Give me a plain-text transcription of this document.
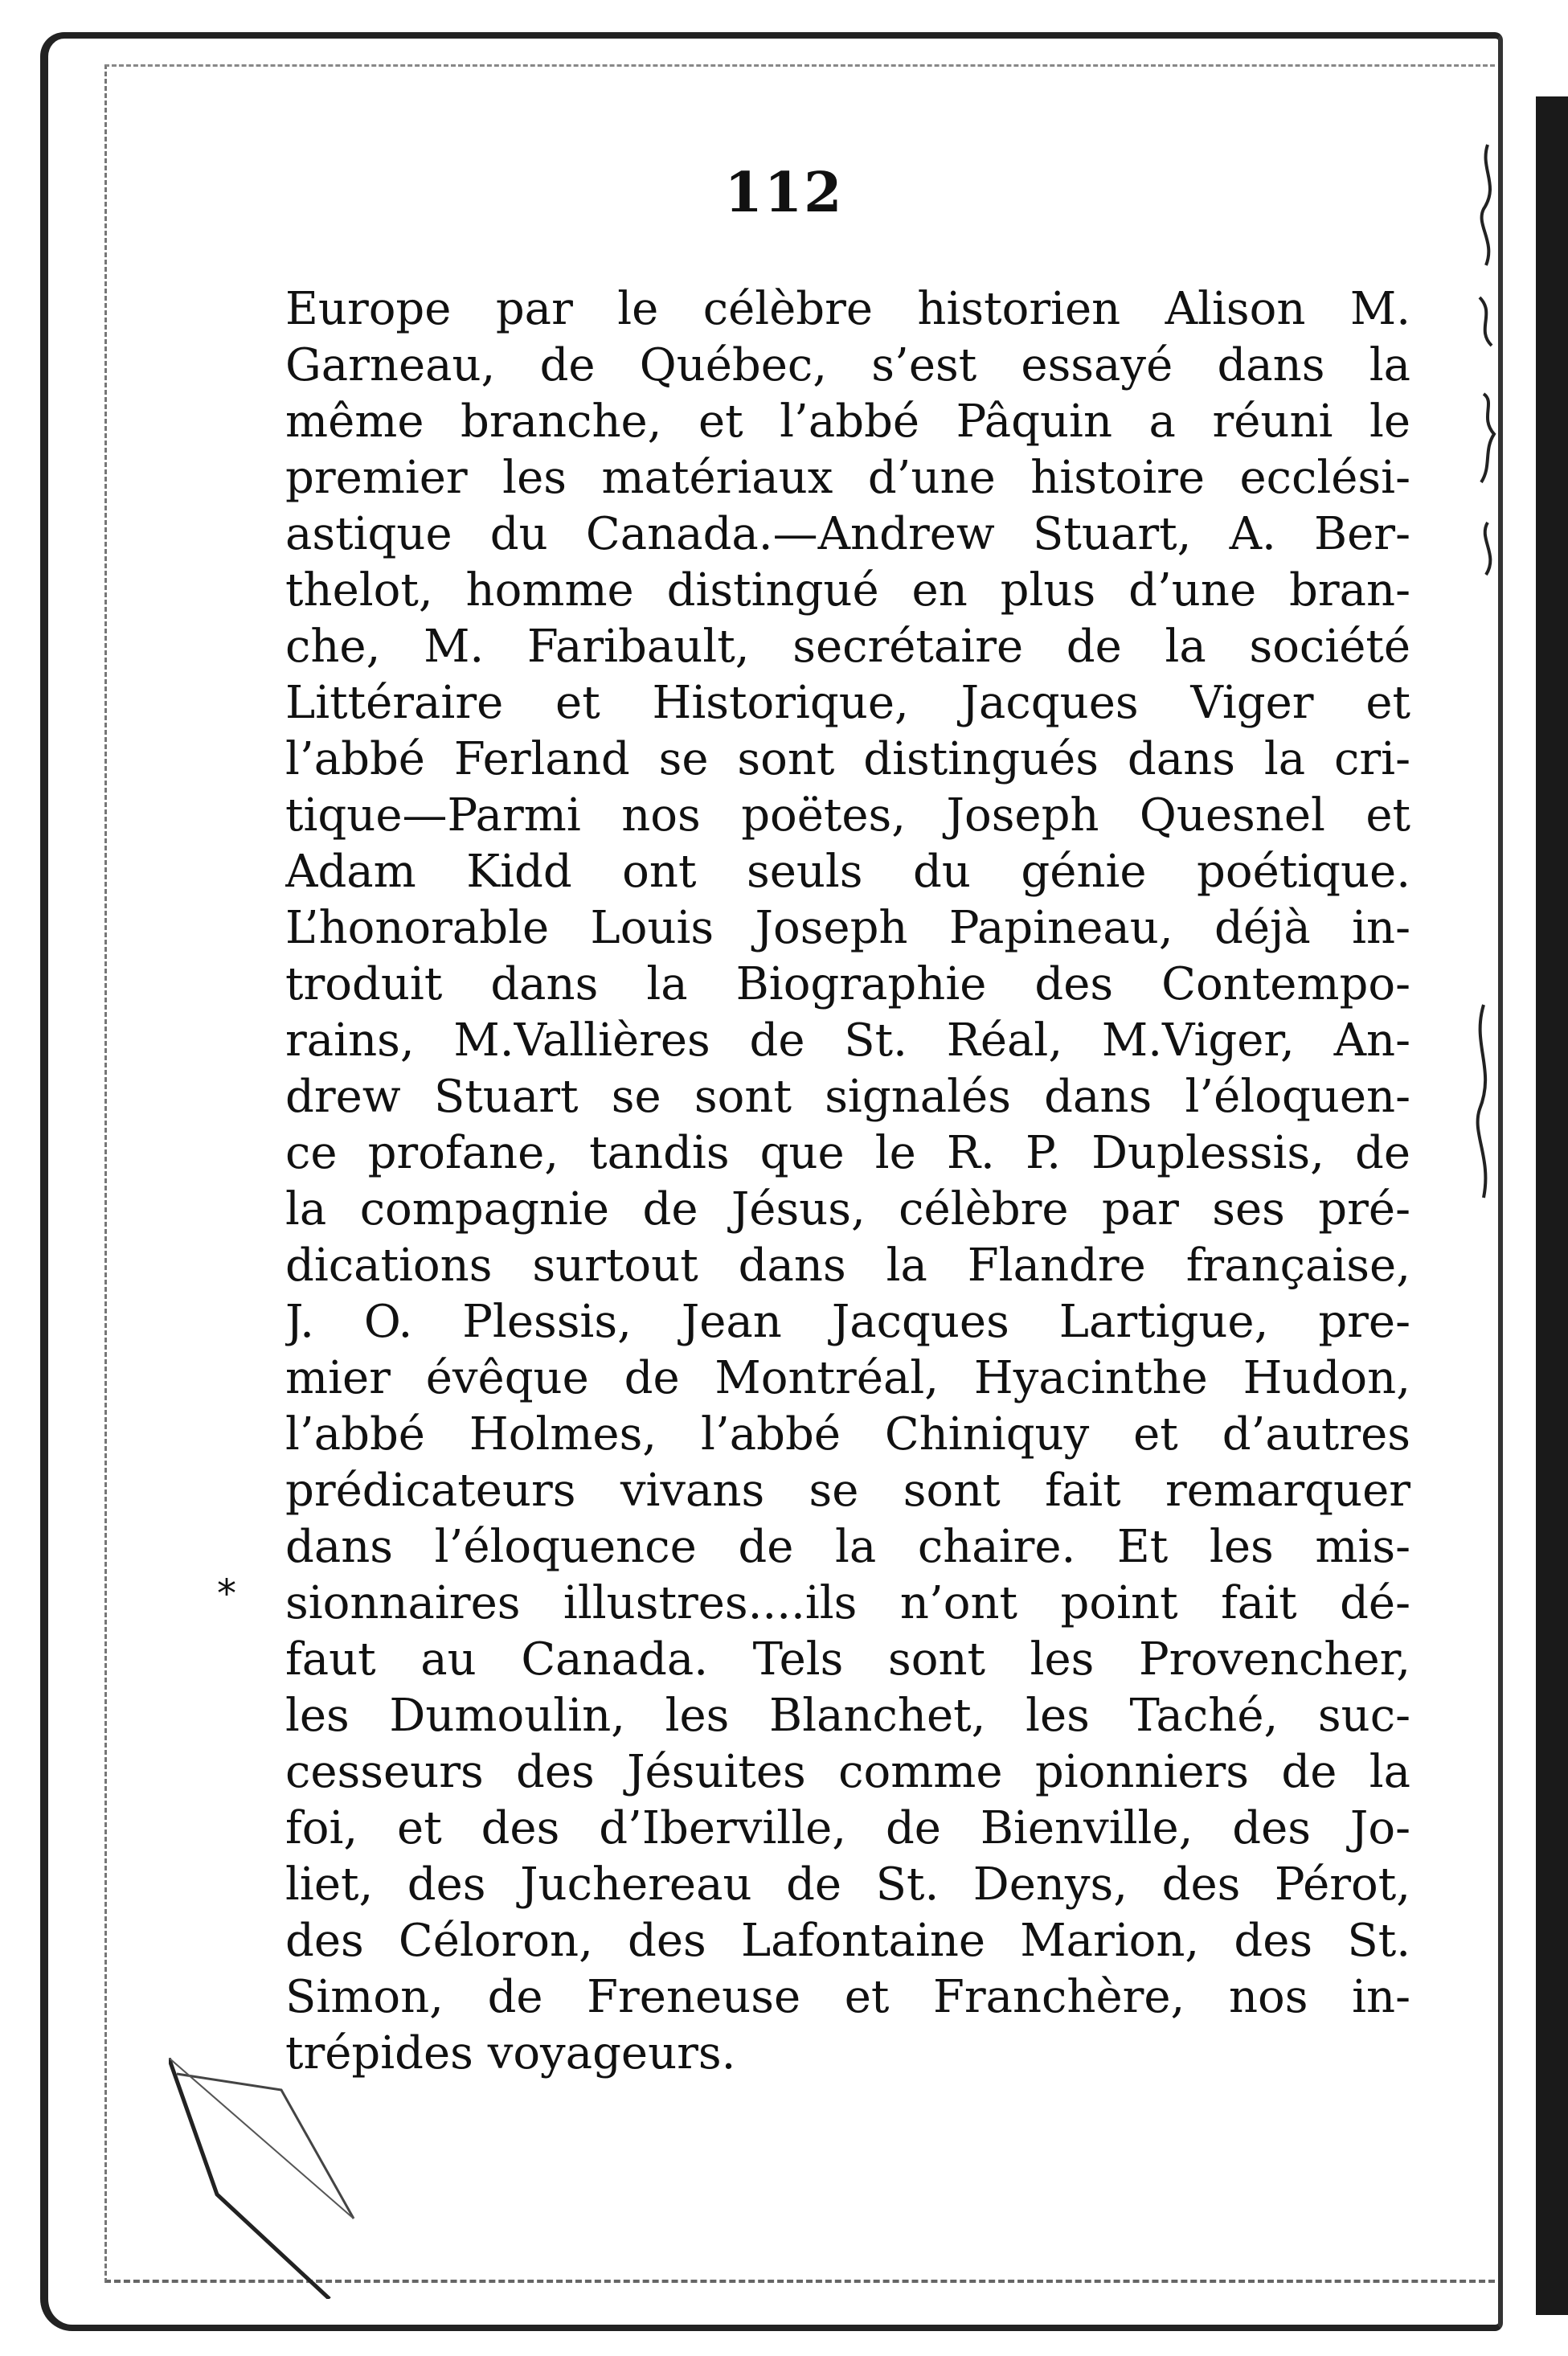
112
Europe par le célèbre historien Alison M.
Garneau, de Québec, s’est essayé dans la
même branche, et l’abbé Pâquin a réuni le
premier les matériaux d’une histoire ecclési-
astique du Canada.—Andrew Stuart, A. Ber-
thelot, homme distingué en plus d’une bran-
che, M. Faribault, secrétaire de la société
Littéraire et Historique, Jacques Viger et
l’abbé Ferland se sont distingués dans la cri-
tique—Parmi nos poëtes, Joseph Quesnel et
Adam Kidd ont seuls du génie poétique.
L’honorable Louis Joseph Papineau, déjà in-
troduit dans la Biographie des Contempo-
rains, M.Vallières de St. Réal, M.Viger, An-
drew Stuart se sont signalés dans l’éloquen-
ce profane, tandis que le R. P. Duplessis, de
la compagnie de Jésus, célèbre par ses pré-
dications surtout dans la Flandre française,
J. O. Plessis, Jean Jacques Lartigue, pre-
mier évêque de Montréal, Hyacinthe Hudon,
l’abbé Holmes, l’abbé Chiniquy et d’autres
prédicateurs vivans se sont fait remarquer
dans l’éloquence de la chaire. Et les mis-
sionnaires illustres....ils n’ont point fait dé-
faut au Canada. Tels sont les Provencher,
les Dumoulin, les Blanchet, les Taché, suc-
cesseurs des Jésuites comme pionniers de la
foi, et des d’Iberville, de Bienville, des Jo-
liet, des Juchereau de St. Denys, des Pérot,
des Céloron, des Lafontaine Marion, des St.
Simon, de Freneuse et Franchère, nos in-
trépides voyageurs.
*
